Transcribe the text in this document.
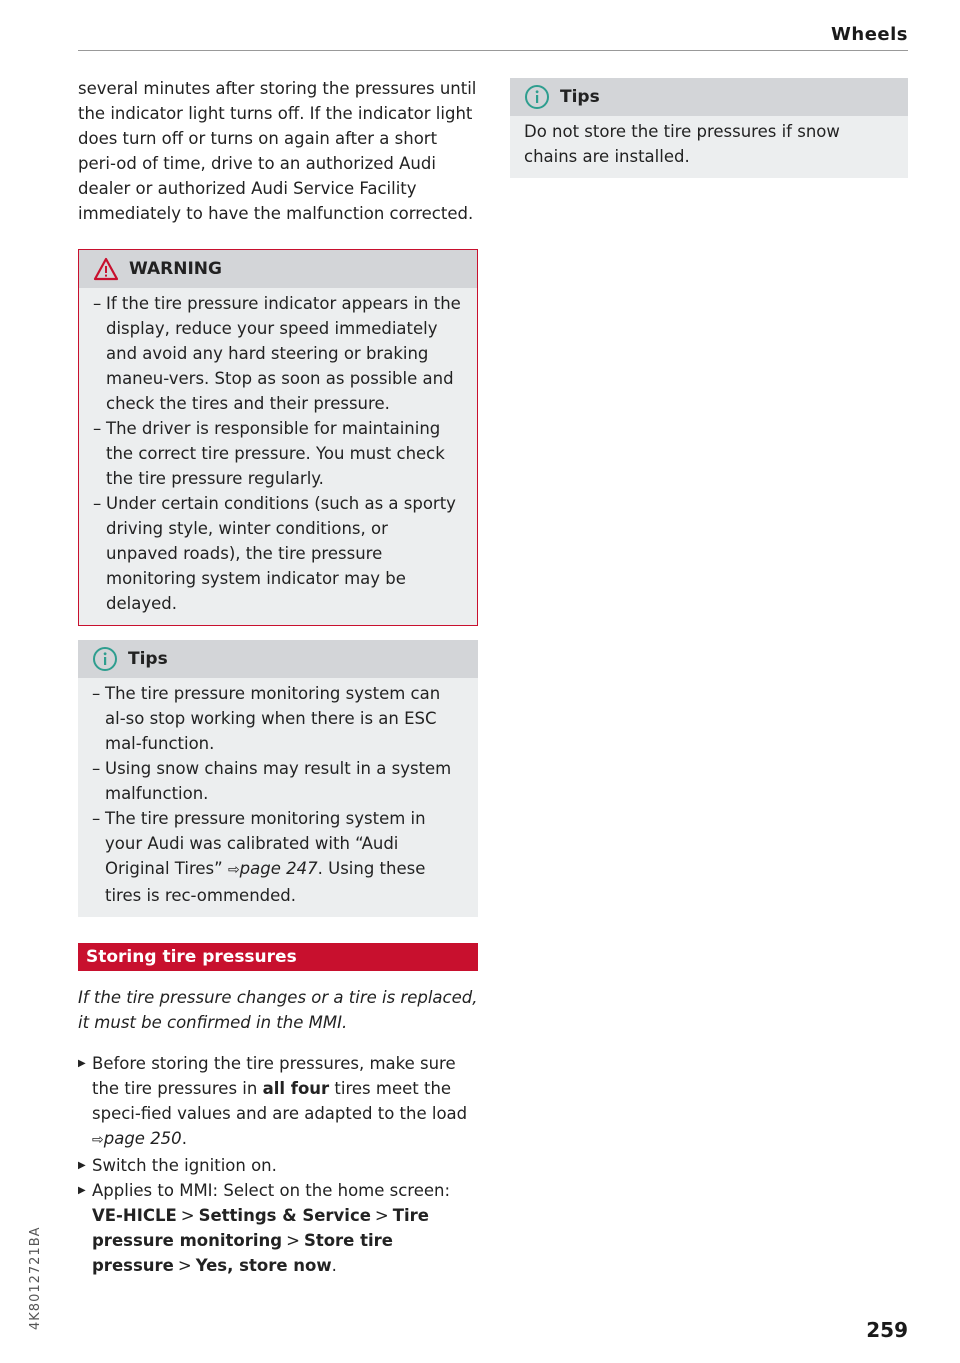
Wheels

several minutes after storing the pressures until the indicator light turns off. If the indicator light does turn off or turns on again after a short peri-od of time, drive to an authorized Audi dealer or authorized Audi Service Facility immediately to have the malfunction corrected.

WARNING
– If the tire pressure indicator appears in the display, reduce your speed immediately and avoid any hard steering or braking maneu-vers. Stop as soon as possible and check the tires and their pressure.
– The driver is responsible for maintaining the correct tire pressure. You must check the tire pressure regularly.
– Under certain conditions (such as a sporty driving style, winter conditions, or unpaved roads), the tire pressure monitoring system indicator may be delayed.
Tips
– The tire pressure monitoring system can al-so stop working when there is an ESC mal-function.
– Using snow chains may result in a system malfunction.
– The tire pressure monitoring system in your Audi was calibrated with “Audi Original Tires” ⇨page 247. Using these tires is rec-ommended.
Storing tire pressures

If the tire pressure changes or a tire is replaced, it must be confirmed in the MMI.

▶ Before storing the tire pressures, make sure the tire pressures in all four tires meet the speci-fied values and are adapted to the load ⇨page 250.
▶ Switch the ignition on.
▶ Applies to MMI: Select on the home screen: VE-HICLE > Settings & Service > Tire pressure monitoring > Store tire pressure > Yes, store now.
Tips

Do not store the tire pressures if snow chains are installed.

259
4K8012721BA
